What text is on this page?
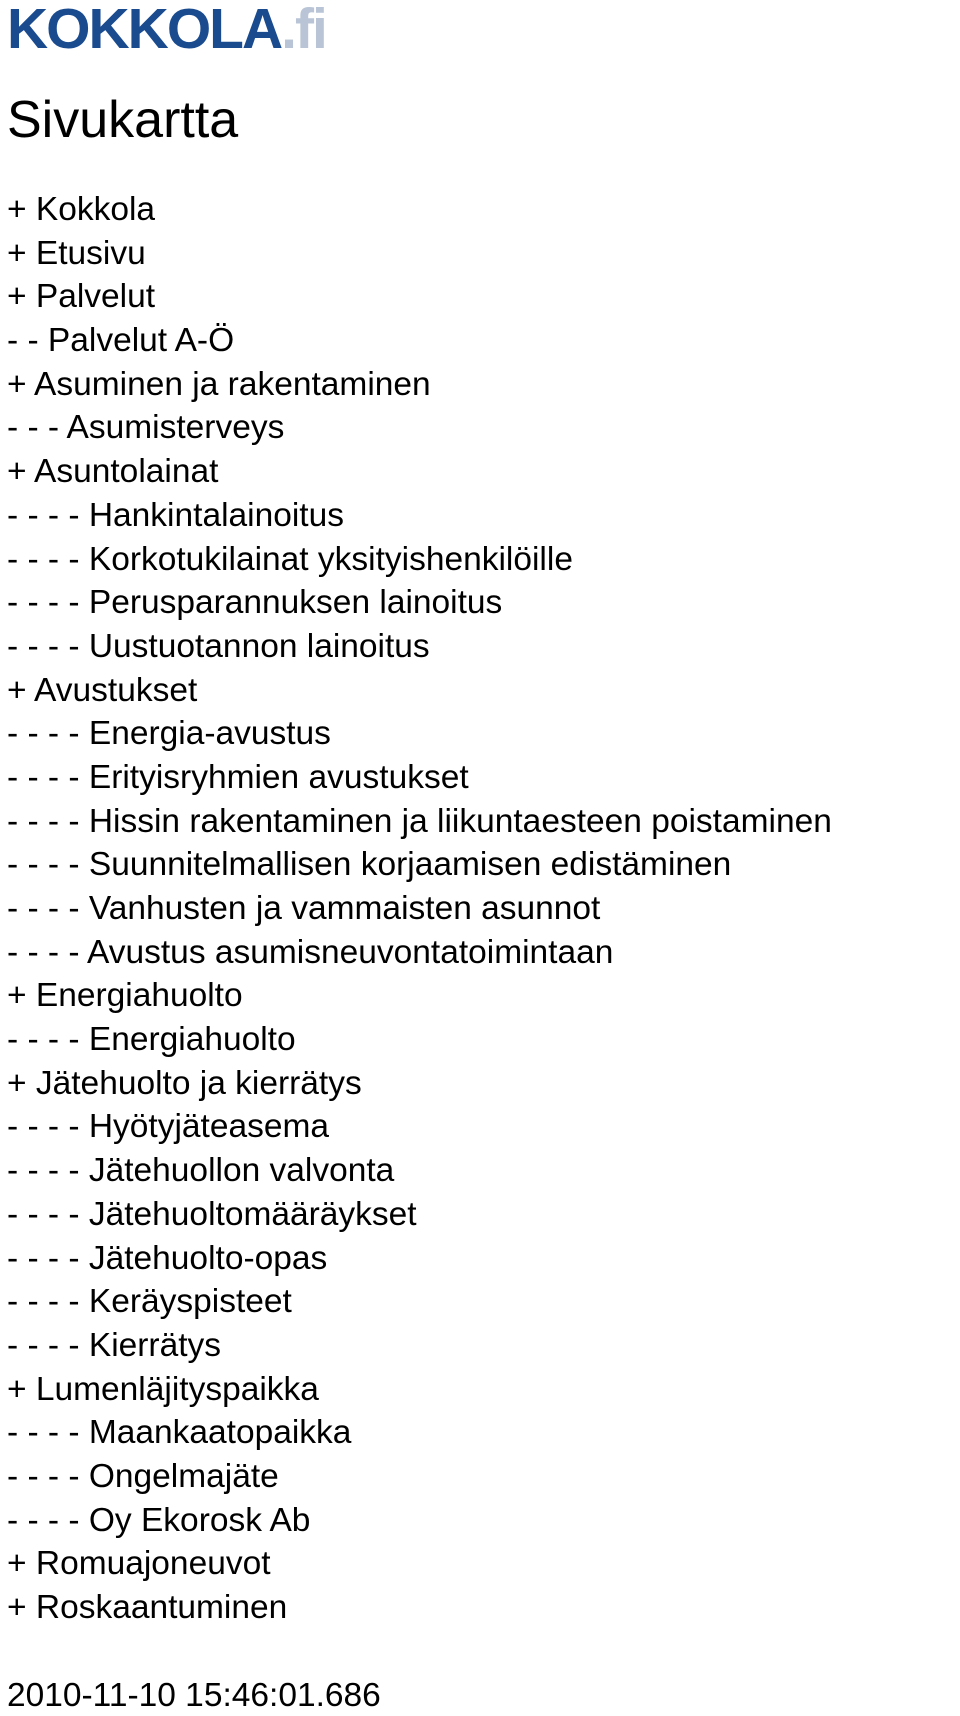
KOKKOLA.fi
Sivukartta
+ Kokkola
+ Etusivu
+ Palvelut
- - Palvelut A-Ö
+ Asuminen ja rakentaminen
- - - Asumisterveys
+ Asuntolainat
- - - - Hankintalainoitus
- - - - Korkotukilainat yksityishenkilöille
- - - - Perusparannuksen lainoitus
- - - - Uustuotannon lainoitus
+ Avustukset
- - - - Energia-avustus
- - - - Erityisryhmien avustukset
- - - - Hissin rakentaminen ja liikuntaesteen poistaminen
- - - - Suunnitelmallisen korjaamisen edistäminen
- - - - Vanhusten ja vammaisten asunnot
- - - - Avustus asumisneuvontatoimintaan
+ Energiahuolto
- - - - Energiahuolto
+ Jätehuolto ja kierrätys
- - - - Hyötyjäteasema
- - - - Jätehuollon valvonta
- - - - Jätehuoltomääräykset
- - - - Jätehuolto-opas
- - - - Keräyspisteet
- - - - Kierrätys
+ Lumenläjityspaikka
- - - - Maankaatopaikka
- - - - Ongelmajäte
- - - - Oy Ekorosk Ab
+ Romuajoneuvot
+ Roskaantuminen
2010-11-10 15:46:01.686
